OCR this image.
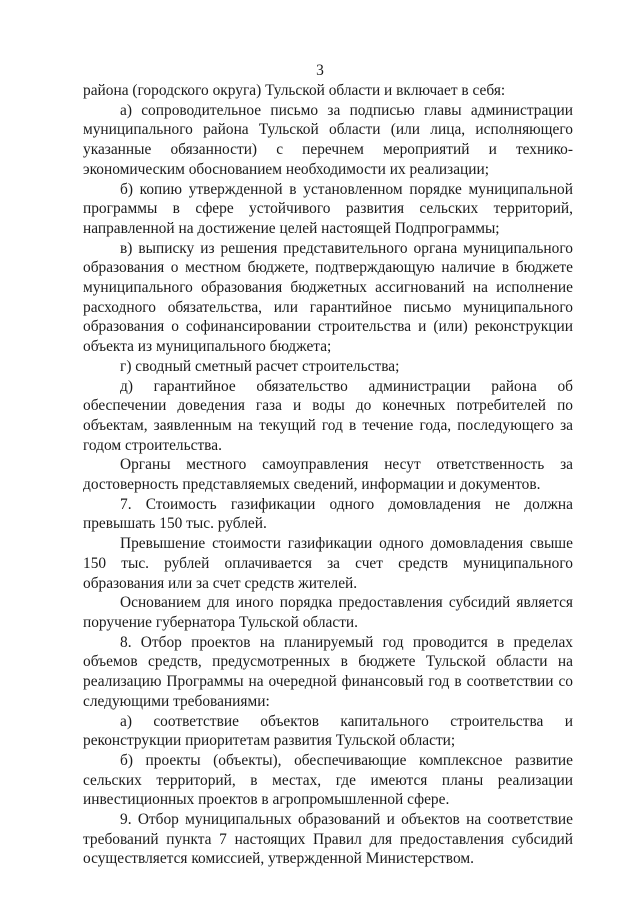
3

района (городского округа) Тульской области и включает в себя:

а) сопроводительное письмо за подписью главы администрации муниципального района Тульской области (или лица, исполняющего указанные обязанности) с перечнем мероприятий и технико-экономическим обоснованием необходимости их реализации;

б) копию утвержденной в установленном порядке муниципальной программы в сфере устойчивого развития сельских территорий, направленной на достижение целей настоящей Подпрограммы;

в) выписку из решения представительного органа муниципального образования о местном бюджете, подтверждающую наличие в бюджете муниципального образования бюджетных ассигнований на исполнение расходного обязательства, или гарантийное письмо муниципального образования о софинансировании строительства и (или) реконструкции объекта из муниципального бюджета;

г) сводный сметный расчет строительства;

д) гарантийное обязательство администрации района об обеспечении доведения газа и воды до конечных потребителей по объектам, заявленным на текущий год в течение года, последующего за годом строительства.

Органы местного самоуправления несут ответственность за достоверность представляемых сведений, информации и документов.

7. Стоимость газификации одного домовладения не должна превышать 150 тыс. рублей.

Превышение стоимости газификации одного домовладения свыше 150 тыс. рублей оплачивается за счет средств муниципального образования или за счет средств жителей.

Основанием для иного порядка предоставления субсидий является поручение губернатора Тульской области.

8. Отбор проектов на планируемый год проводится в пределах объемов средств, предусмотренных в бюджете Тульской области на реализацию Программы на очередной финансовый год в соответствии со следующими требованиями:

а) соответствие объектов капитального строительства и реконструкции приоритетам развития Тульской области;

б) проекты (объекты), обеспечивающие комплексное развитие сельских территорий, в местах, где имеются планы реализации инвестиционных проектов в агропромышленной сфере.

9. Отбор муниципальных образований и объектов на соответствие требований пункта 7 настоящих Правил для предоставления субсидий осуществляется комиссией, утвержденной Министерством.
